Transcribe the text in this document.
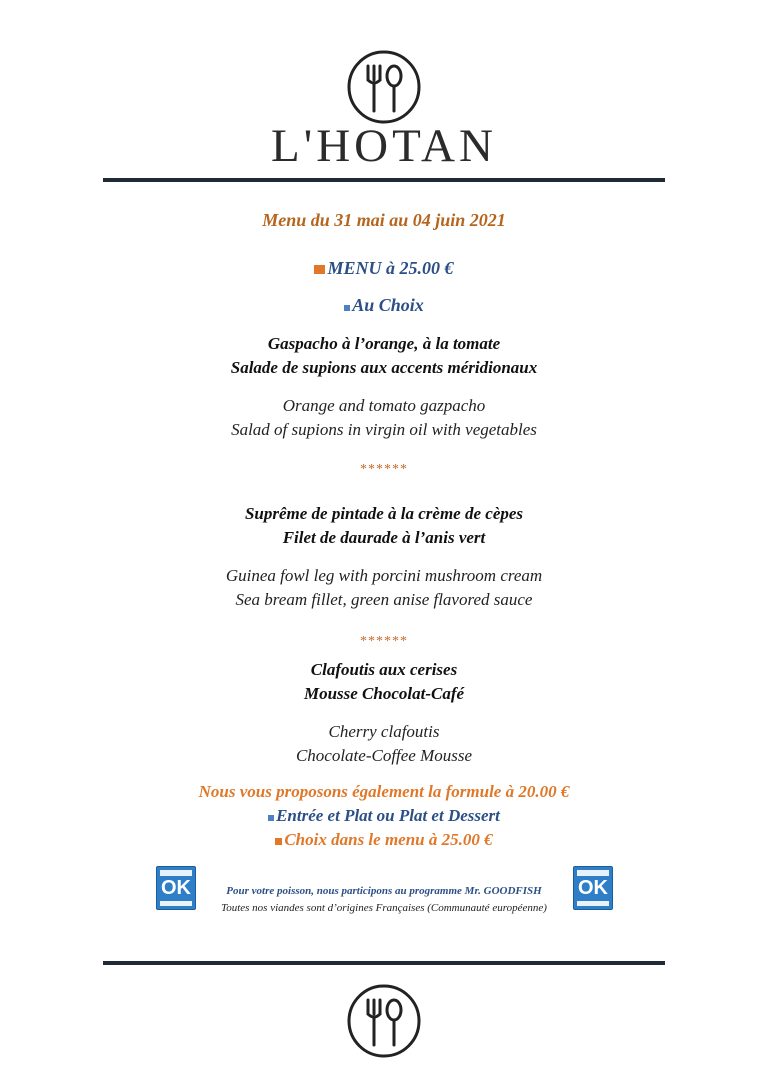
L'HOTAN
Menu du 31 mai au 04 juin 2021
MENU à 25.00 €
Au Choix
Gaspacho à l’orange, à la tomate
Salade de supions aux accents méridionaux
Orange and tomato gazpacho
Salad of supions in virgin oil with vegetables
******
Suprême de pintade à la crème de cèpes
Filet de daurade à l’anis vert
Guinea fowl leg with porcini mushroom cream
Sea bream fillet, green anise flavored sauce
******
Clafoutis aux cerises
Mousse Chocolat-Café
Cherry clafoutis
Chocolate-Coffee Mousse
Nous vous proposons également la formule à 20.00 €
Entrée et Plat ou Plat et Dessert
Choix dans le menu à 25.00 €
OK	OK
Pour votre poisson, nous participons au programme Mr. GOODFISH
Toutes nos viandes sont d’origines Françaises (Communauté européenne)
